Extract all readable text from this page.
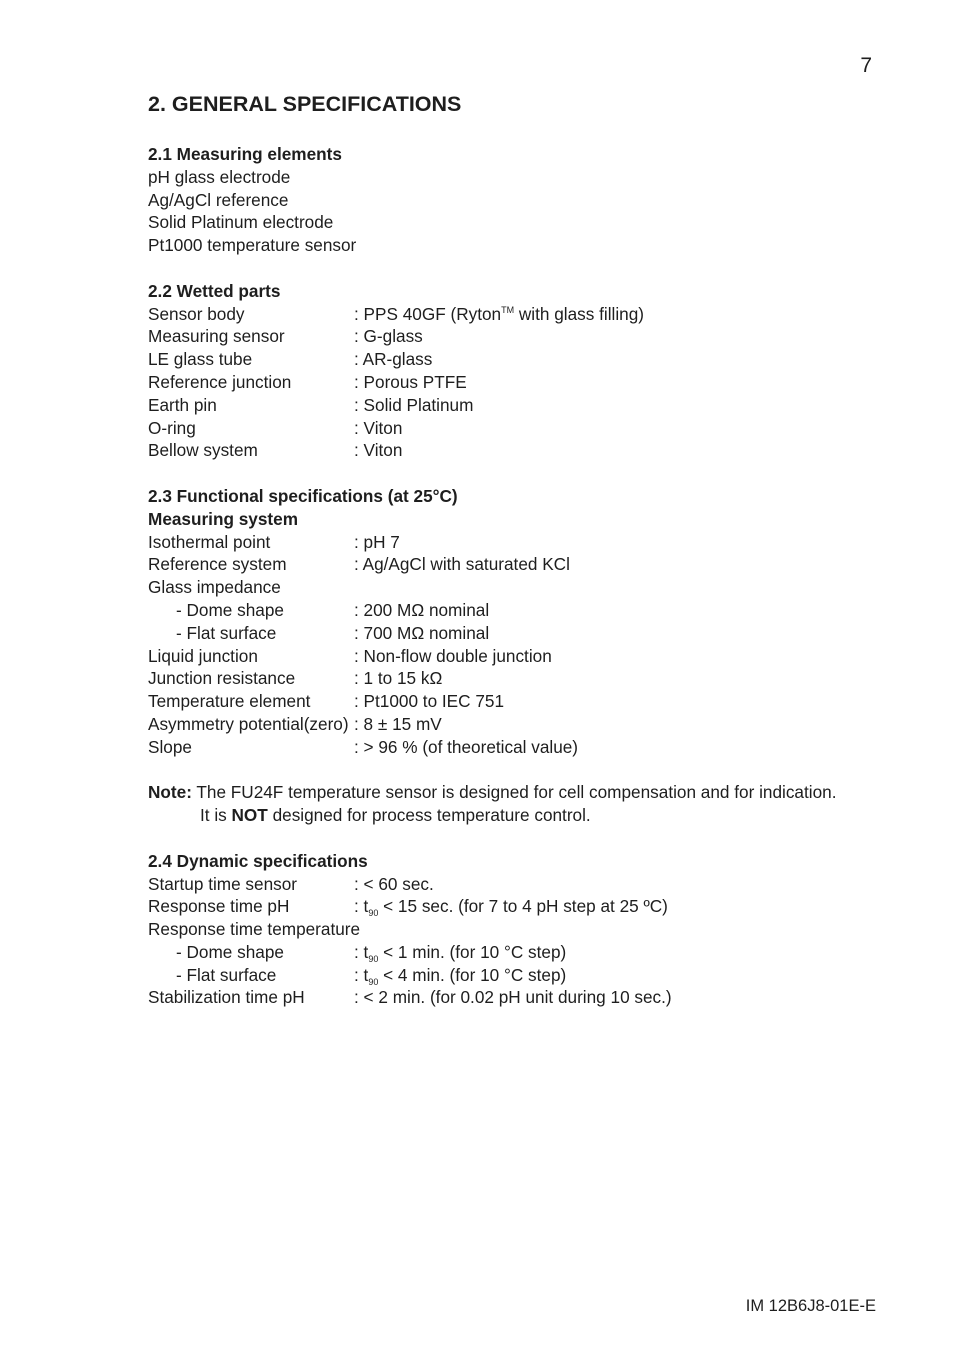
7
2. GENERAL SPECIFICATIONS
2.1 Measuring elements
pH glass electrode
Ag/AgCl reference
Solid Platinum electrode
Pt1000 temperature sensor
2.2 Wetted parts
Sensor body	: PPS 40GF (Ryton™ with glass filling)
Measuring sensor	: G-glass
LE glass tube	: AR-glass
Reference junction	: Porous PTFE
Earth pin	: Solid Platinum
O-ring	: Viton
Bellow system	: Viton
2.3 Functional specifications (at 25°C)
Measuring system
Isothermal point	: pH 7
Reference system	: Ag/AgCl with saturated KCl
Glass impedance
- Dome shape	: 200 MΩ nominal
- Flat surface	: 700 MΩ nominal
Liquid junction	: Non-flow double junction
Junction resistance	: 1 to 15 kΩ
Temperature element	: Pt1000 to IEC 751
Asymmetry potential(zero) : 8 ± 15 mV
Slope	: > 96 % (of theoretical value)
Note: The FU24F temperature sensor is designed for cell compensation and for indication.
It is NOT designed for process temperature control.
2.4 Dynamic specifications
Startup time sensor	: < 60 sec.
Response time pH	: $t_{90} < 15$ sec. (for 7 to 4 pH step at 25 ºC)
Response time temperature
- Dome shape	: $t_{90} < 1$ min. (for 10 °C step)
- Flat surface	: $t_{90} < 4$ min. (for 10 °C step)
Stabilization time pH	: < 2 min. (for 0.02 pH unit during 10 sec.)
IM 12B6J8-01E-E
